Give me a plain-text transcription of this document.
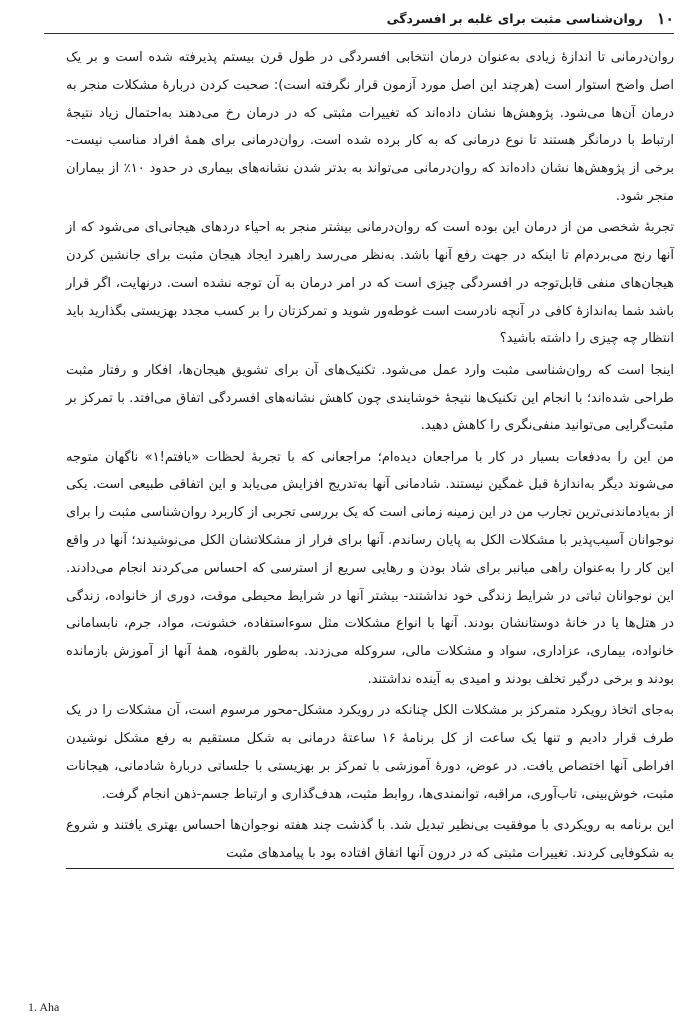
۱۰
روان‌شناسی مثبت برای غلبه بر افسردگی

روان‌درمانی تا اندازهٔ زیادی به‌عنوان درمان انتخابی افسردگی در طول قرن بیستم پذیرفته شده است و بر یک اصل واضح استوار است (هرچند این اصل مورد آزمون قرار نگرفته است): صحبت کردن دربارهٔ مشکلات منجر به درمان آن‌ها می‌شود. پژوهش‌ها نشان داده‌اند که تغییرات مثبتی که در درمان رخ می‌دهند به‌احتمال زیاد نتیجهٔ ارتباط با درمانگر هستند تا نوع درمانی که به کار برده شده است. روان‌درمانی برای همهٔ افراد مناسب نیست- برخی از پژوهش‌ها نشان داده‌اند که روان‌درمانی می‌تواند به بدتر شدن نشانه‌های بیماری در حدود ۱۰٪ از بیماران منجر شود.

تجربهٔ شخصی من از درمان این بوده است که روان‌درمانی بیشتر منجر به احیاء دردهای هیجانی‌ای می‌شود که از آنها رنج می‌بردم‌ام تا اینکه در جهت رفع آنها باشد. به‌نظر می‌رسد راهبرد ایجاد هیجان مثبت برای جانشین کردن هیجان‌های منفی قابل‌توجه در افسردگی چیزی است که در امر درمان به آن توجه نشده است. درنهایت، اگر قرار باشد شما به‌اندازهٔ کافی در آنچه نادرست است غوطه‌ور شوید و تمرکزتان را بر کسب مجدد بهزیستی بگذارید باید انتظار چه چیزی را داشته باشید؟

اینجا است که روان‌شناسی مثبت وارد عمل می‌شود. تکنیک‌های آن برای تشویق هیجان‌ها، افکار و رفتار مثبت طراحی شده‌اند؛ با انجام این تکنیک‌ها نتیجهٔ خوشایندی چون کاهش نشانه‌های افسردگی اتفاق می‌افتد. با تمرکز بر مثبت‌گرایی می‌توانید منفی‌نگری را کاهش دهید.

من این را به‌دفعات بسیار در کار با مراجعان دیده‌ام؛ مراجعانی که با تجربهٔ لحظات «یافتم!۱» ناگهان متوجه می‌شوند دیگر به‌اندازهٔ قبل غمگین نیستند. شادمانی آنها به‌تدریج افزایش می‌یابد و این اتفاقی طبیعی است. یکی از به‌یادماندنی‌ترین تجارب من در این زمینه زمانی است که یک بررسی تجربی از کاربرد روان‌شناسی مثبت را برای نوجوانان آسیب‌پذیر با مشکلات الکل به پایان رساندم. آنها برای فرار از مشکلاتشان الکل می‌نوشیدند؛ آنها در واقع این کار را به‌عنوان راهی میانبر برای شاد بودن و رهایی سریع از استرسی که احساس می‌کردند انجام می‌دادند. این نوجوانان ثباتی در شرایط زندگی خود نداشتند- بیشتر آنها در شرایط محیطی موقت، دوری از خانواده، زندگی در هتل‌ها یا در خانهٔ دوستانشان بودند. آنها با انواع مشکلات مثل سوءاستفاده، خشونت، مواد، جرم، نابسامانی خانواده، بیماری، عزاداری، سواد و مشکلات مالی، سروکله می‌زدند. به‌طور بالقوه، همهٔ آنها از آموزش بازمانده بودند و برخی درگیر تخلف بودند و امیدی به آینده نداشتند.

به‌جای اتخاذ رویکرد متمرکز بر مشکلات الکل چنانکه در رویکرد مشکل-محور مرسوم است، آن مشکلات را در یک طرف قرار دادیم و تنها یک ساعت از کل برنامهٔ ۱۶ ساعتهٔ درمانی به شکل مستقیم به رفع مشکل نوشیدن افراطی آنها اختصاص یافت. در عوض، دورهٔ آموزشی با تمرکز بر بهزیستی با جلساتی دربارهٔ شادمانی، هیجانات مثبت، خوش‌بینی، تاب‌آوری، مراقبه، توانمندی‌ها، روابط مثبت، هدف‌گذاری و ارتباط جسم-ذهن انجام گرفت.

این برنامه به رویکردی با موفقیت بی‌نظیر تبدیل شد. با گذشت چند هفته نوجوان‌ها احساس بهتری یافتند و شروع به شکوفایی کردند. تغییرات مثبتی که در درون آنها اتفاق افتاده بود با پیامدهای مثبت

1. Aha
